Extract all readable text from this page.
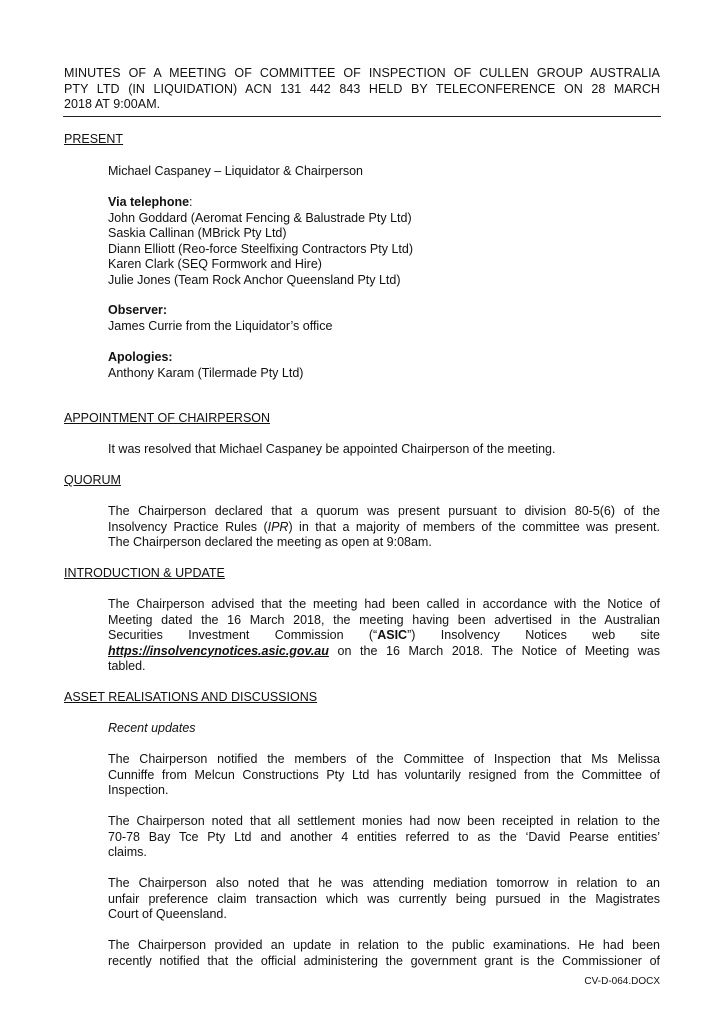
MINUTES OF A MEETING OF COMMITTEE OF INSPECTION OF CULLEN GROUP AUSTRALIA
PTY LTD (IN LIQUIDATION) ACN 131 442 843 HELD BY TELECONFERENCE ON 28 MARCH
2018 AT 9:00AM.
PRESENT
Michael Caspaney – Liquidator & Chairperson
Via telephone:
John Goddard (Aeromat Fencing & Balustrade Pty Ltd)
Saskia Callinan (MBrick Pty Ltd)
Diann Elliott (Reo-force Steelfixing Contractors Pty Ltd)
Karen Clark (SEQ Formwork and Hire)
Julie Jones (Team Rock Anchor Queensland Pty Ltd)
Observer:
James Currie from the Liquidator’s office
Apologies:
Anthony Karam (Tilermade Pty Ltd)
APPOINTMENT OF CHAIRPERSON
It was resolved that Michael Caspaney be appointed Chairperson of the meeting.
QUORUM
The Chairperson declared that a quorum was present pursuant to division 80-5(6) of the
Insolvency Practice Rules (IPR) in that a majority of members of the committee was present.
The Chairperson declared the meeting as open at 9:08am.
INTRODUCTION & UPDATE
The Chairperson advised that the meeting had been called in accordance with the Notice of
Meeting dated the 16 March 2018, the meeting having been advertised in the Australian
Securities Investment Commission (“ASIC”) Insolvency Notices web site
https://insolvencynotices.asic.gov.au on the 16 March 2018. The Notice of Meeting was
tabled.
ASSET REALISATIONS AND DISCUSSIONS
Recent updates
The Chairperson notified the members of the Committee of Inspection that Ms Melissa
Cunniffe from Melcun Constructions Pty Ltd has voluntarily resigned from the Committee of
Inspection.
The Chairperson noted that all settlement monies had now been receipted in relation to the
70-78 Bay Tce Pty Ltd and another 4 entities referred to as the ‘David Pearse entities’
claims.
The Chairperson also noted that he was attending mediation tomorrow in relation to an
unfair preference claim transaction which was currently being pursued in the Magistrates
Court of Queensland.
The Chairperson provided an update in relation to the public examinations. He had been
recently notified that the official administering the government grant is the Commissioner of
CV-D-064.DOCX
